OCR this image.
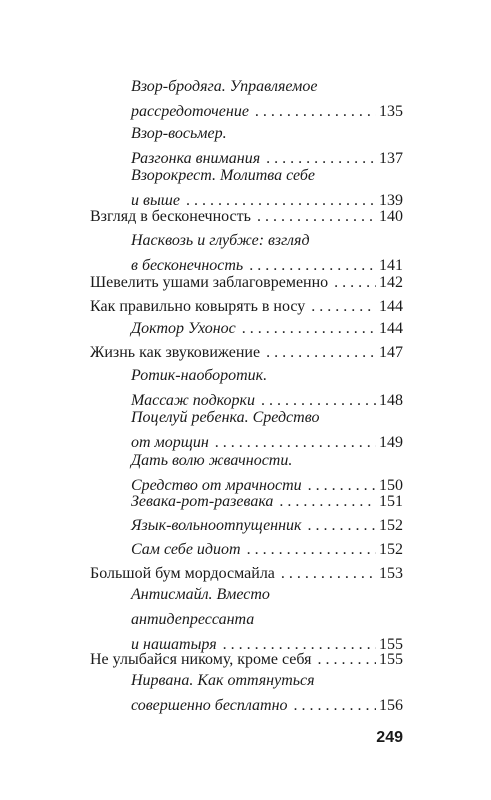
Взор-бродяга. Управляемое
рассредоточение . . .	135
Взор-восьмер.
Разгонка внимания . . .	137
Взорокрест. Молитва себе
и выше . . .	139
Взгляд в бесконечность . . .	140
Насквозь и глубже: взгляд
в бесконечность . . .	141
Шевелить ушами заблаговременно . . .	142
Как правильно ковырять в носу . . .	144
Доктор Ухонос . . .	144
Жизнь как звуковижение . . .	147
Ротик-наоборотик.
Массаж подкорки . . .	148
Поцелуй ребенка. Средство
от морщин . . .	149
Дать волю жвачности.
Средство от мрачности . . .	150
Зевака-рот-разевака . . .	151
Язык-вольноотпущенник . . .	152
Сам себе идиот . . .	152
Большой бум мордосмайла . . .	153
Антисмайл. Вместо
антидепрессанта
и нашатыря . . .	155
Не улыбайся никому, кроме себя . . .	155
Нирвана. Как оттянуться
совершенно бесплатно . . .	156
249
